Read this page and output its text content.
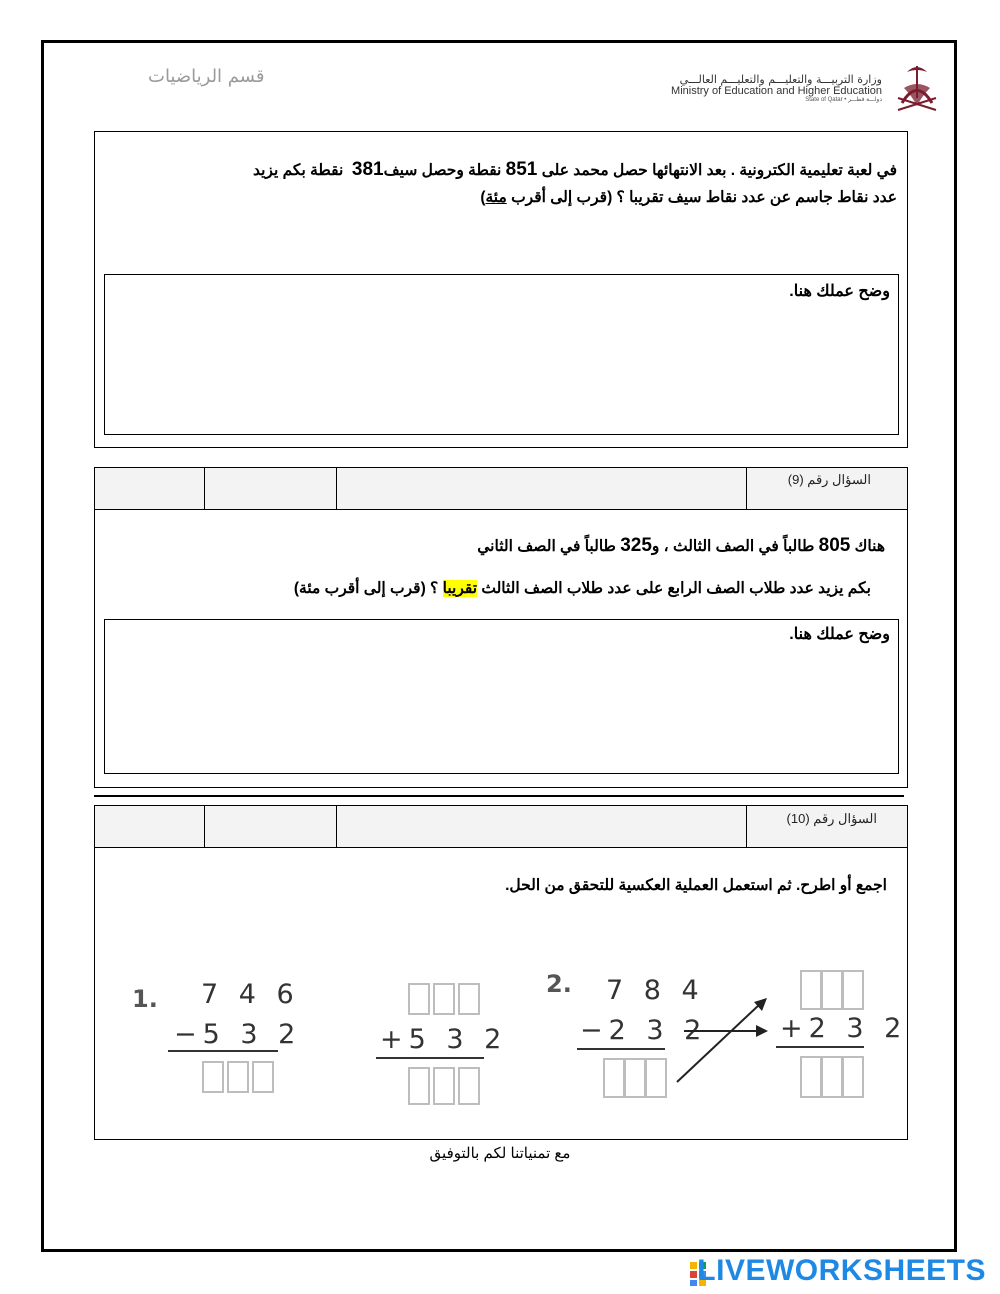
قسم الرياضيات	وزارة التربيـــة والتعليـــم والتعليـــم العالـــي
Ministry of Education and Higher Education
State of Qatar • دولـــة قطـــر
في لعبة تعليمية الكترونية . بعد الانتهائها حصل محمد على 851 نقطة وحصل سيف381  نقطة بكم يزيد
عدد نقاط جاسم عن عدد نقاط سيف تقريبا ؟ (قرب إلى أقرب مئة)
وضح عملك هنا.
السؤال رقم (9)
هناك 805 طالباً في الصف الثالث ، و325 طالباً في الصف الثاني
بكم يزيد عدد طلاب الصف الرابع على عدد طلاب الصف الثالث تقريبا ؟ (قرب إلى أقرب مئة)
وضح عملك هنا.
السؤال رقم (10)
اجمع أو اطرح. ثم استعمل العملية العكسية للتحقق من الحل.
1. 7 4 6
−5 3 2	+5 3 2
2. 7 8 4
−2 3 2	+2 3 2
مع تمنياتنا لكم بالتوفيق
LIVEWORKSHEETS
